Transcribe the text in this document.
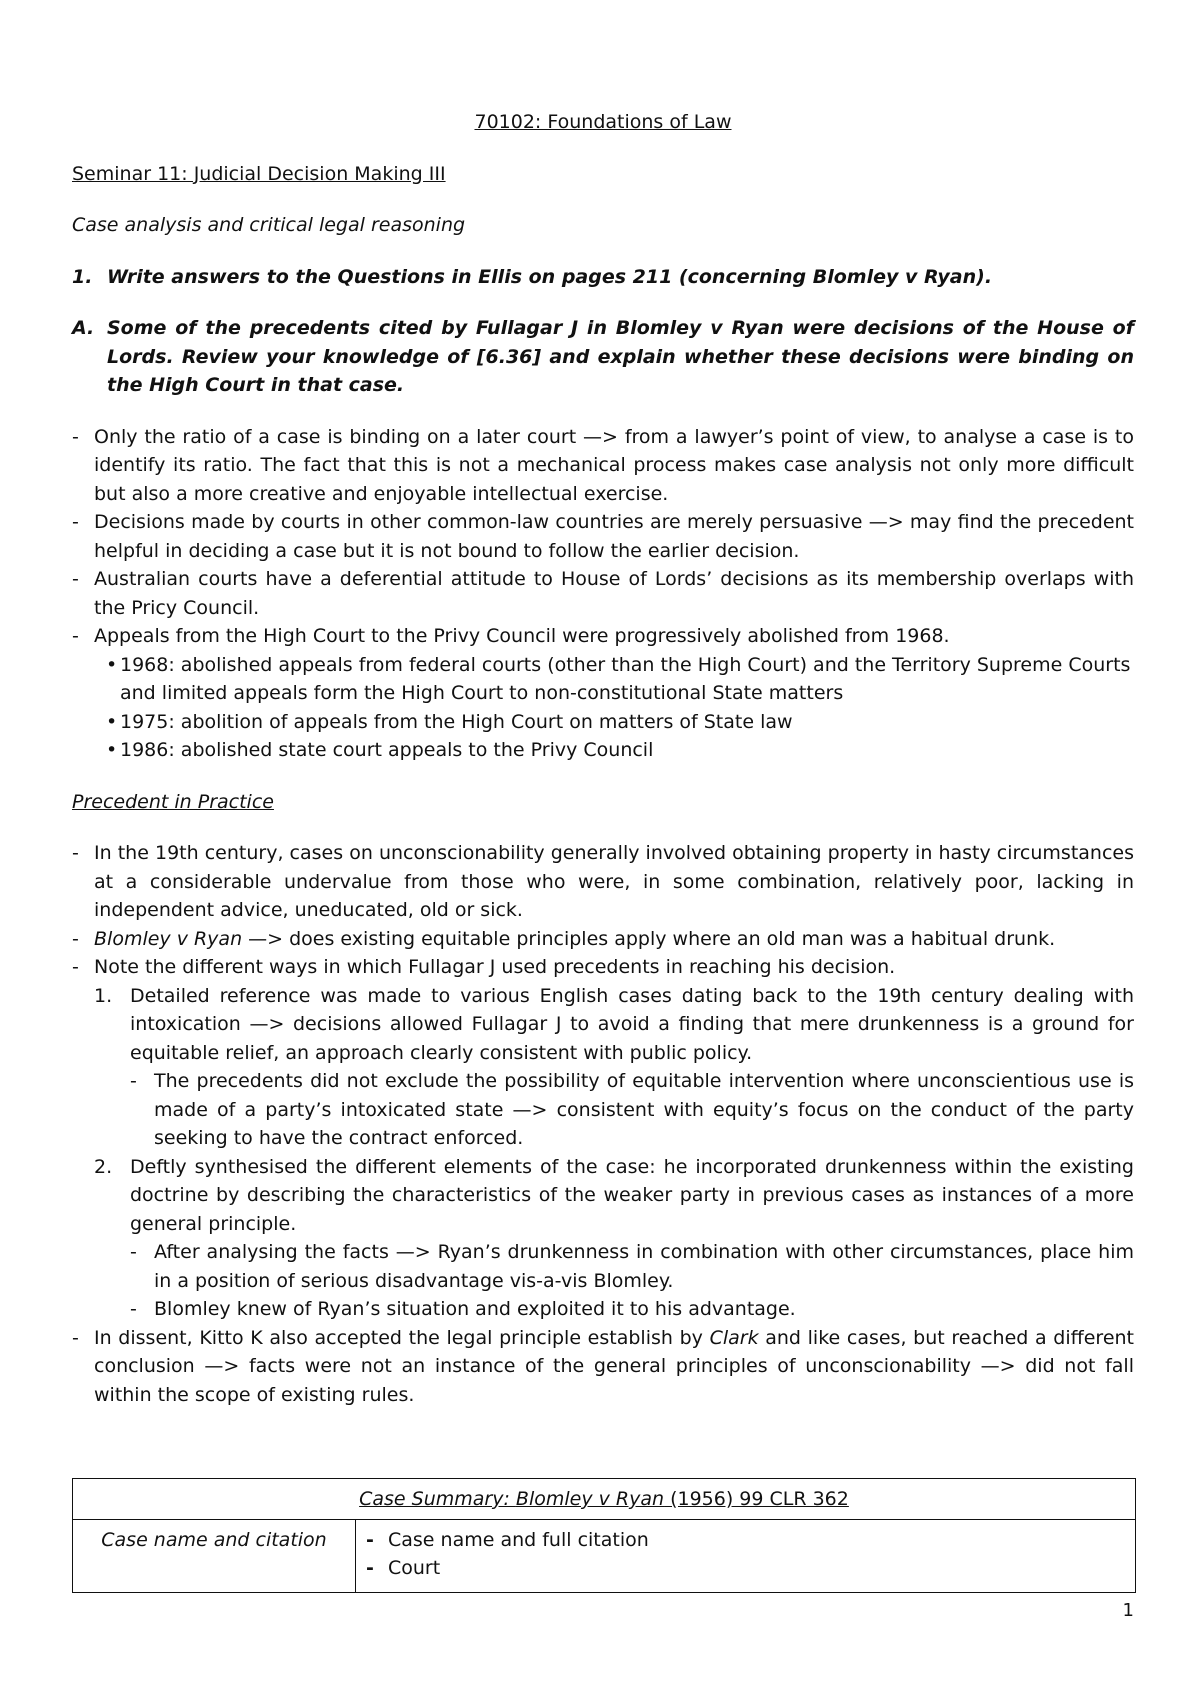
70102: Foundations of Law
Seminar 11: Judicial Decision Making III
Case analysis and critical legal reasoning
1. Write answers to the Questions in Ellis on pages 211 (concerning Blomley v Ryan).
A. Some of the precedents cited by Fullagar J in Blomley v Ryan were decisions of the House of Lords. Review your knowledge of [6.36] and explain whether these decisions were binding on the High Court in that case.
- Only the ratio of a case is binding on a later court —> from a lawyer’s point of view, to analyse a case is to identify its ratio. The fact that this is not a mechanical process makes case analysis not only more difficult but also a more creative and enjoyable intellectual exercise.
- Decisions made by courts in other common-law countries are merely persuasive —> may find the precedent helpful in deciding a case but it is not bound to follow the earlier decision.
- Australian courts have a deferential attitude to House of Lords’ decisions as its membership overlaps with the Pricy Council.
- Appeals from the High Court to the Privy Council were progressively abolished from 1968.
• 1968: abolished appeals from federal courts (other than the High Court) and the Territory Supreme Courts and limited appeals form the High Court to non-constitutional State matters
• 1975: abolition of appeals from the High Court on matters of State law
• 1986: abolished state court appeals to the Privy Council
Precedent in Practice
- In the 19th century, cases on unconscionability generally involved obtaining property in hasty circumstances at a considerable undervalue from those who were, in some combination, relatively poor, lacking in independent advice, uneducated, old or sick.
- Blomley v Ryan —> does existing equitable principles apply where an old man was a habitual drunk.
- Note the different ways in which Fullagar J used precedents in reaching his decision.
1. Detailed reference was made to various English cases dating back to the 19th century dealing with intoxication —> decisions allowed Fullagar J to avoid a finding that mere drunkenness is a ground for equitable relief, an approach clearly consistent with public policy.
- The precedents did not exclude the possibility of equitable intervention where unconscientious use is made of a party’s intoxicated state —> consistent with equity’s focus on the conduct of the party seeking to have the contract enforced.
2. Deftly synthesised the different elements of the case: he incorporated drunkenness within the existing doctrine by describing the characteristics of the weaker party in previous cases as instances of a more general principle.
- After analysing the facts —> Ryan’s drunkenness in combination with other circumstances, place him in a position of serious disadvantage vis-a-vis Blomley.
- Blomley knew of Ryan’s situation and exploited it to his advantage.
- In dissent, Kitto K also accepted the legal principle establish by Clark and like cases, but reached a different conclusion —> facts were not an instance of the general principles of unconscionability —> did not fall within the scope of existing rules.
Case Summary: Blomley v Ryan (1956) 99 CLR 362
Case name and citation	- Case name and full citation
- Court
1
